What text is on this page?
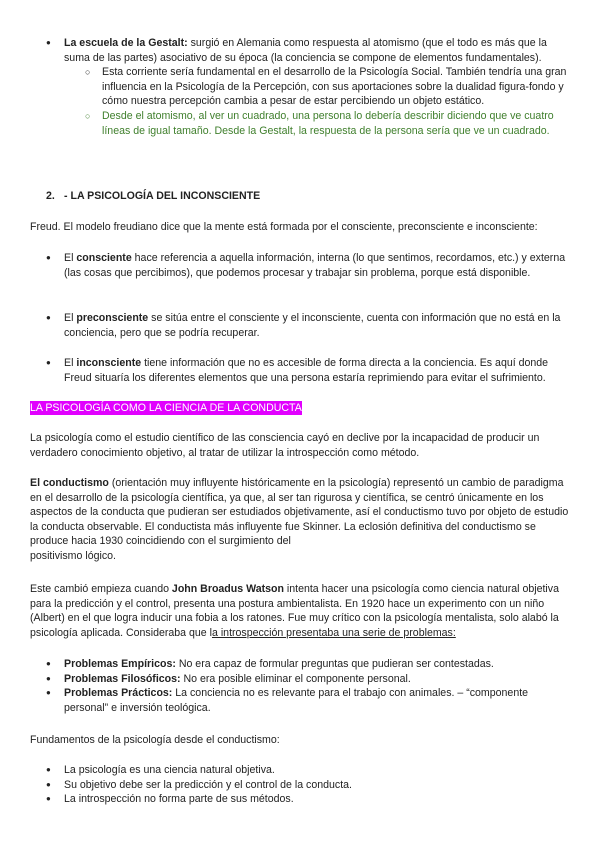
● La escuela de la Gestalt: surgió en Alemania como respuesta al atomismo (que el todo es más que la suma de las partes) asociativo de su época (la conciencia se compone de elementos fundamentales).
○ Esta corriente sería fundamental en el desarrollo de la Psicología Social. También tendría una gran influencia en la Psicología de la Percepción, con sus aportaciones sobre la dualidad figura-fondo y cómo nuestra percepción cambia a pesar de estar percibiendo un objeto estático.
○ Desde el atomismo, al ver un cuadrado, una persona lo debería describir diciendo que ve cuatro líneas de igual tamaño. Desde la Gestalt, la respuesta de la persona sería que ve un cuadrado.
2. - LA PSICOLOGÍA DEL INCONSCIENTE

Freud. El modelo freudiano dice que la mente está formada por el consciente, preconsciente e inconsciente:

● El consciente hace referencia a aquella información, interna (lo que sentimos, recordamos, etc.) y externa (las cosas que percibimos), que podemos procesar y trabajar sin problema, porque está disponible.
● El preconsciente se sitúa entre el consciente y el inconsciente, cuenta con información que no está en la conciencia, pero que se podría recuperar.
● El inconsciente tiene información que no es accesible de forma directa a la conciencia. Es aquí donde Freud situaría los diferentes elementos que una persona estaría reprimiendo para evitar el sufrimiento.
LA PSICOLOGÍA COMO LA CIENCIA DE LA CONDUCTA

La psicología como el estudio científico de las consciencia cayó en declive por la incapacidad de producir un verdadero conocimiento objetivo, al tratar de utilizar la introspección como método.

El conductismo (orientación muy influyente históricamente en la psicología) representó un cambio de paradigma en el desarrollo de la psicología científica, ya que, al ser tan rigurosa y científica, se centró únicamente en los aspectos de la conducta que pudieran ser estudiados objetivamente, así el conductismo tuvo por objeto de estudio la conducta observable. El conductista más influyente fue Skinner. La eclosión definitiva del conductismo se produce hacia 1930 coincidiendo con el surgimiento del
positivismo lógico.
Este cambió empieza cuando John Broadus Watson intenta hacer una psicología como ciencia natural objetiva para la predicción y el control, presenta una postura ambientalista. En 1920 hace un experimento con un niño (Albert) en el que logra inducir una fobia a los ratones. Fue muy crítico con la psicología mentalista, solo alabó la psicología aplicada. Consideraba que la introspección presentaba una serie de problemas:
● Problemas Empíricos: No era capaz de formular preguntas que pudieran ser contestadas.
● Problemas Filosóficos: No era posible eliminar el componente personal.
● Problemas Prácticos: La conciencia no es relevante para el trabajo con animales. – “componente personal” e inversión teológica.

Fundamentos de la psicología desde el conductismo:

● La psicología es una ciencia natural objetiva.
● Su objetivo debe ser la predicción y el control de la conducta.
● La introspección no forma parte de sus métodos.
